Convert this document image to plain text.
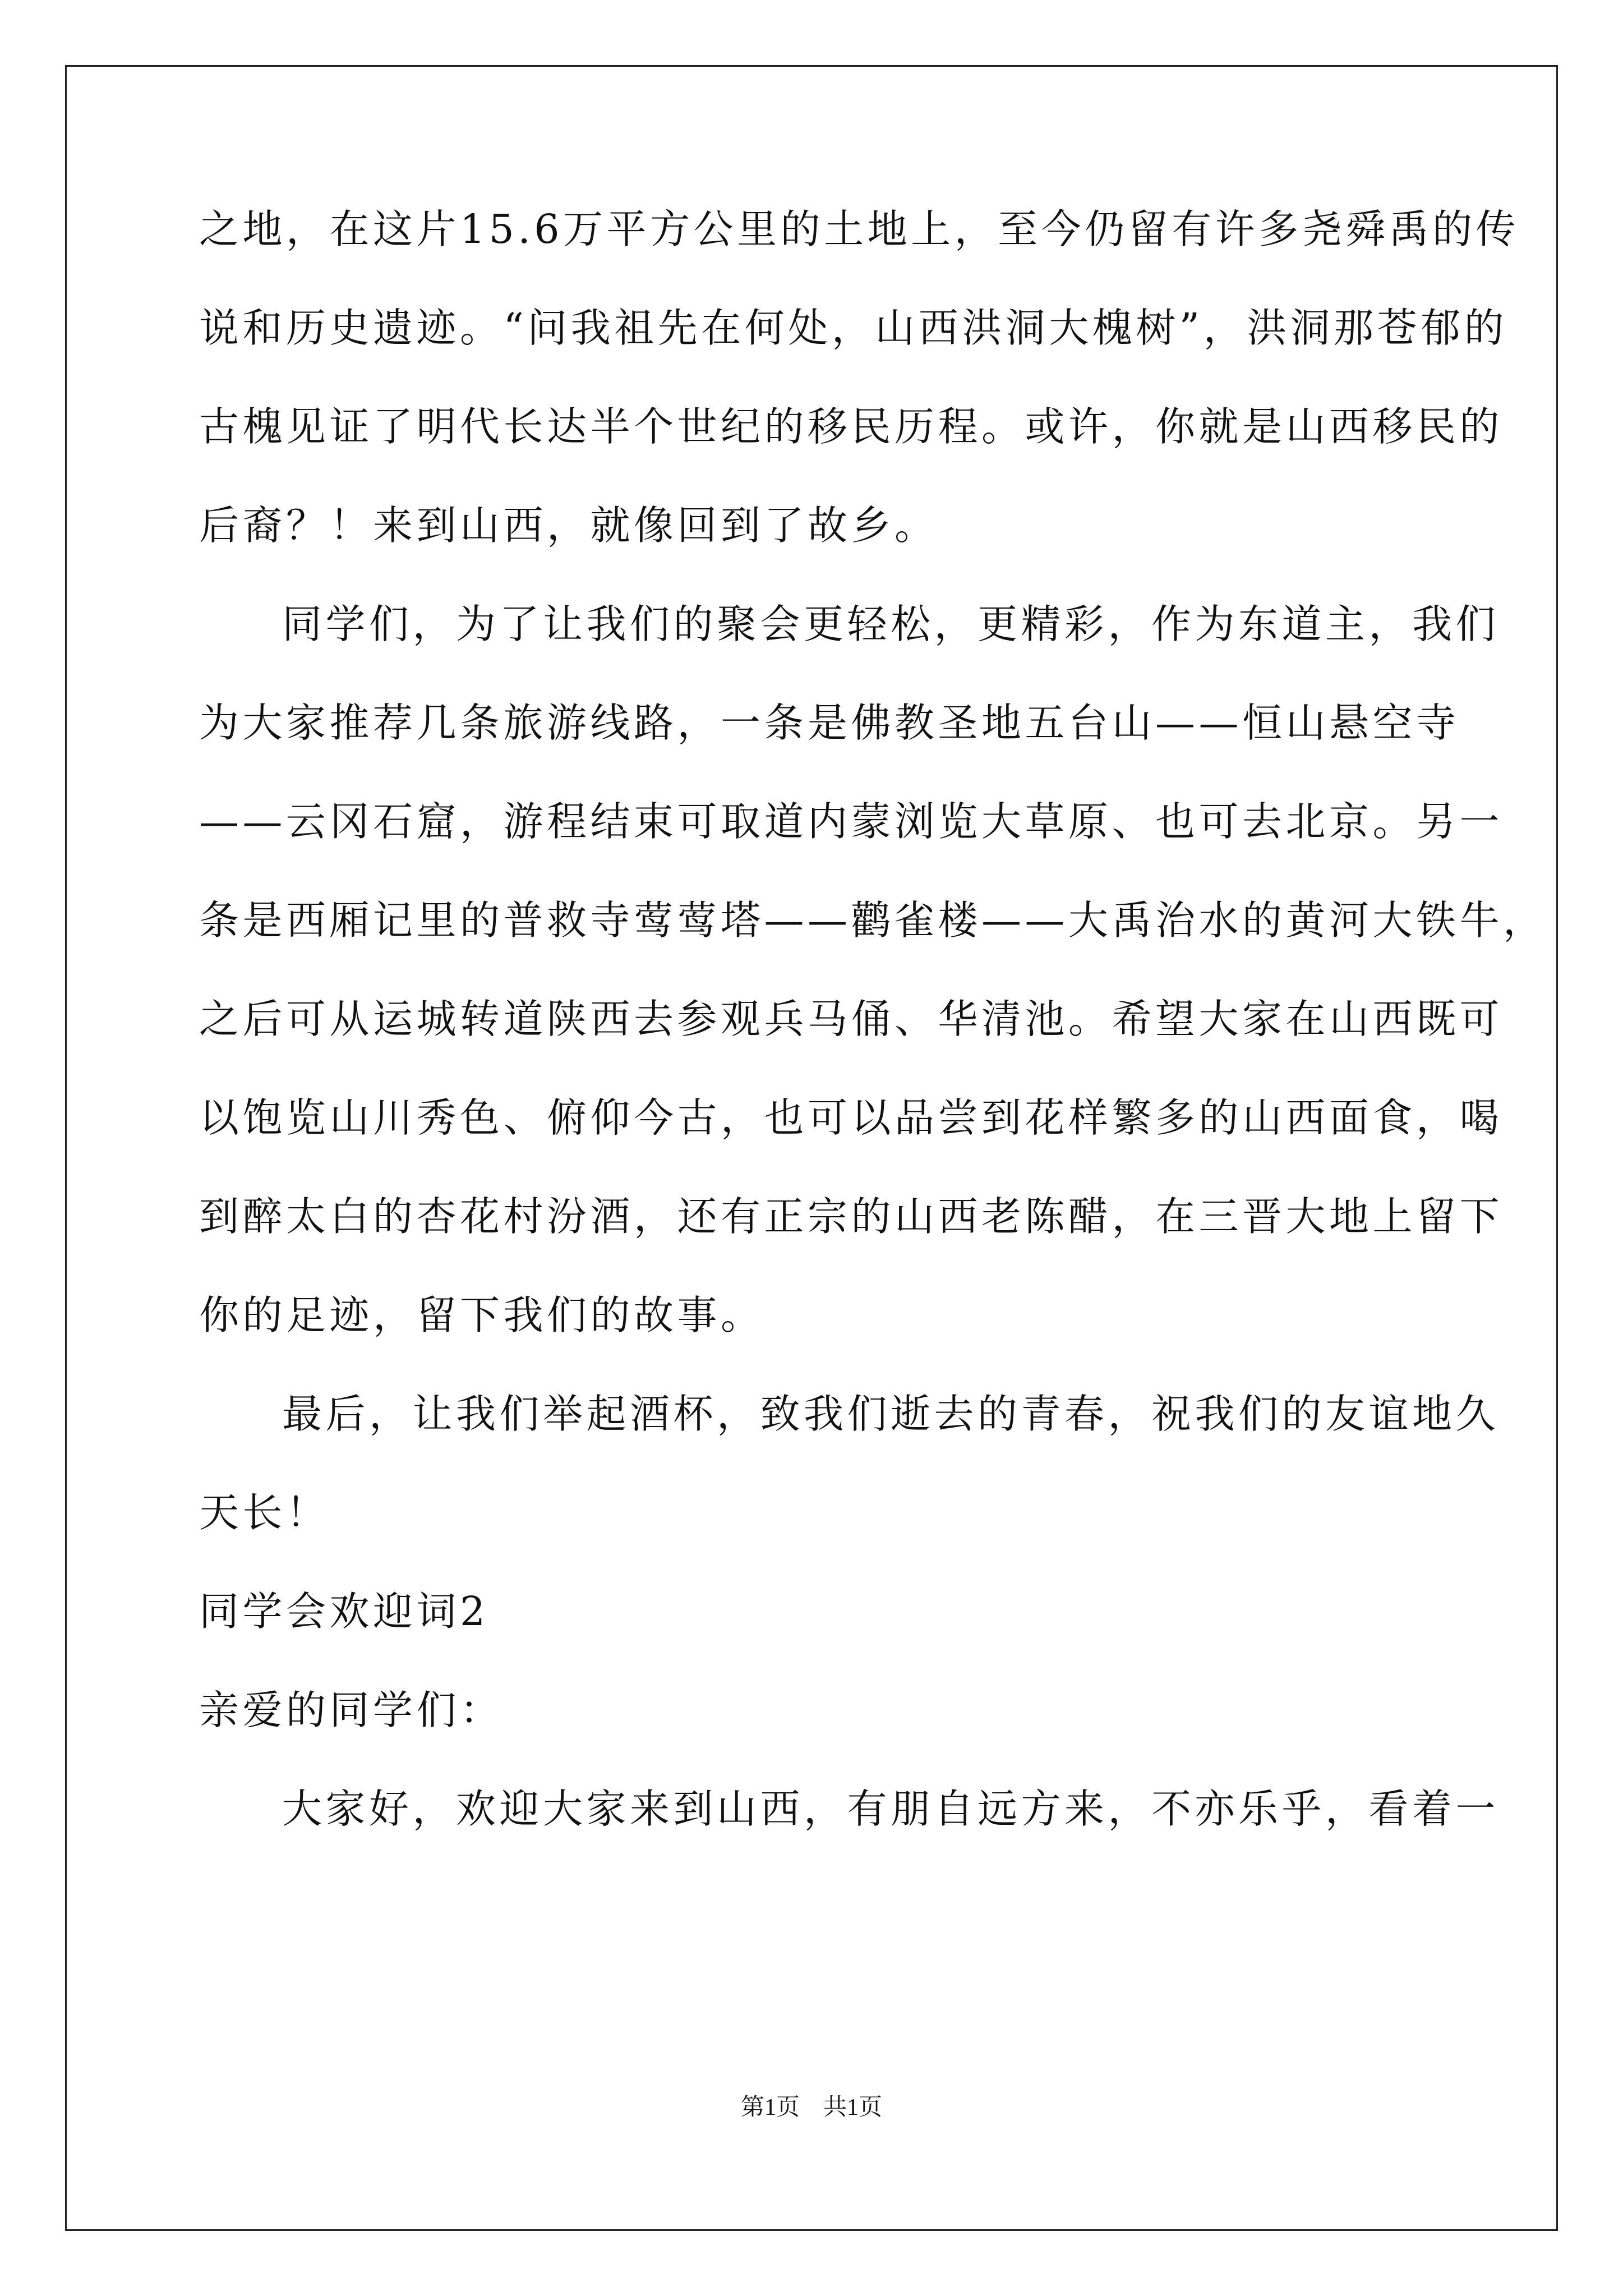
之地，在这片15.6万平方公里的土地上，至今仍留有许多尧舜禹的传
说和历史遗迹。“问我祖先在何处，山西洪洞大槐树”，洪洞那苍郁的
古槐见证了明代长达半个世纪的移民历程。或许，你就是山西移民的
后裔？！来到山西，就像回到了故乡。
同学们，为了让我们的聚会更轻松，更精彩，作为东道主，我们
为大家推荐几条旅游线路，一条是佛教圣地五台山——恒山悬空寺
——云冈石窟，游程结束可取道内蒙浏览大草原、也可去北京。另一
条是西厢记里的普救寺莺莺塔——鹳雀楼——大禹治水的黄河大铁牛，
之后可从运城转道陕西去参观兵马俑、华清池。希望大家在山西既可
以饱览山川秀色、俯仰今古，也可以品尝到花样繁多的山西面食，喝
到醉太白的杏花村汾酒，还有正宗的山西老陈醋，在三晋大地上留下
你的足迹，留下我们的故事。
最后，让我们举起酒杯，致我们逝去的青春，祝我们的友谊地久
天长！
同学会欢迎词2
亲爱的同学们：
大家好，欢迎大家来到山西，有朋自远方来，不亦乐乎，看着一
第1页　共1页
